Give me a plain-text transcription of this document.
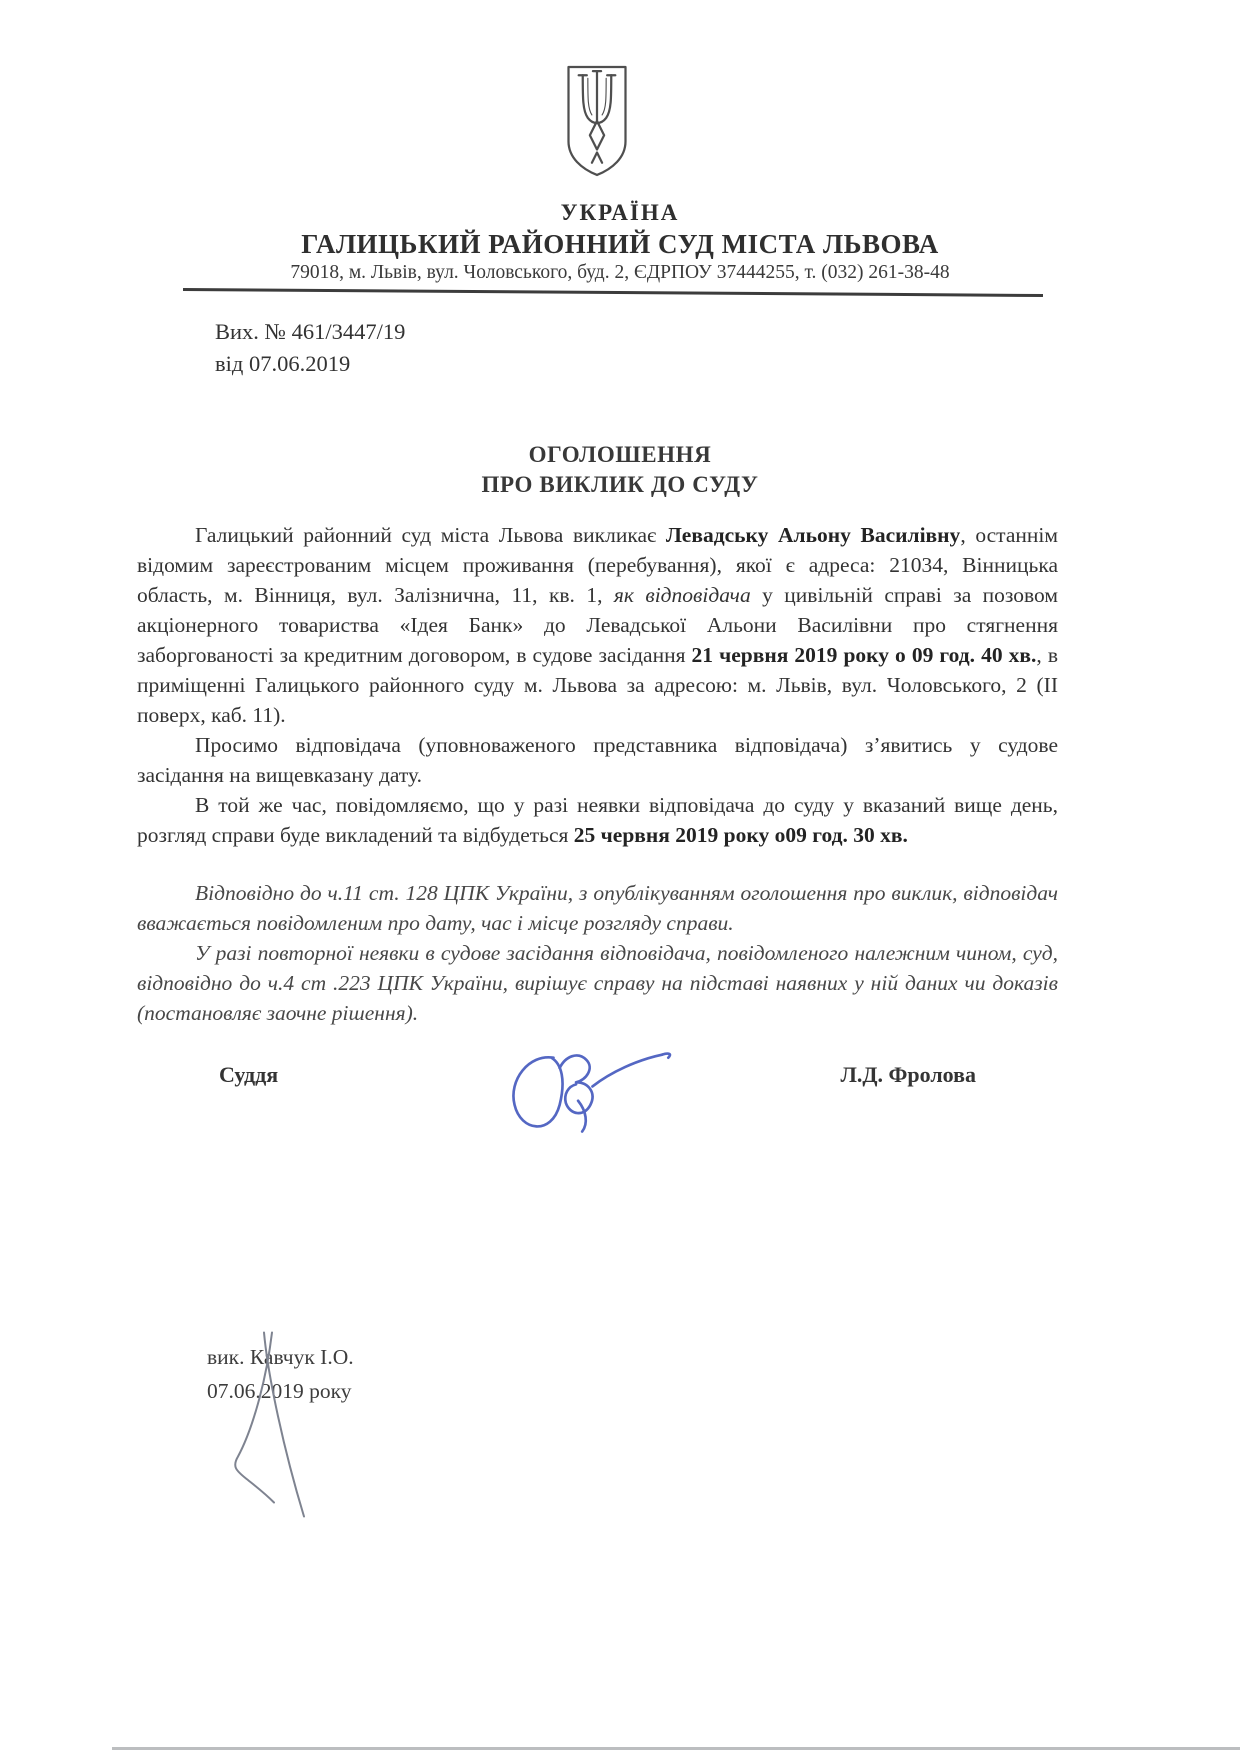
УКРАЇНА
ГАЛИЦЬКИЙ РАЙОННИЙ СУД МІСТА ЛЬВОВА
79018, м. Львів, вул. Чоловського, буд. 2, ЄДРПОУ 37444255, т. (032) 261-38-48
Вих. № 461/3447/19
від 07.06.2019
ОГОЛОШЕННЯ
ПРО ВИКЛИК ДО СУДУ

Галицький районний суд міста Львова викликає Левадську Альону Василівну, останнім відомим зареєстрованим місцем проживання (перебування), якої є адреса: 21034, Вінницька область, м. Вінниця, вул. Залізнична, 11, кв. 1, як відповідача у цивільній справі за позовом акціонерного товариства «Ідея Банк» до Левадської Альони Василівни про стягнення заборгованості за кредитним договором, в судове засідання 21 червня 2019 року о 09 год. 40 хв., в приміщенні Галицького районного суду м. Львова за адресою: м. Львів, вул. Чоловського, 2 (ІІ поверх, каб. 11).

Просимо відповідача (уповноваженого представника відповідача) з’явитись у судове засідання на вищевказану дату.

В той же час, повідомляємо, що у разі неявки відповідача до суду у вказаний вище день, розгляд справи буде викладений та відбудеться 25 червня 2019 року о09 год. 30 хв.

Відповідно до ч.11 ст. 128 ЦПК України, з опублікуванням оголошення про виклик, відповідач вважається повідомленим про дату, час і місце розгляду справи.

У разі повторної неявки в судове засідання відповідача, повідомленого належним чином, суд, відповідно до ч.4 ст .223 ЦПК України, вирішує справу на підставі наявних у ній даних чи доказів (постановляє заочне рішення).

Суддя	Л.Д. Фролова
вик. Кавчук І.О.
07.06.2019 року
